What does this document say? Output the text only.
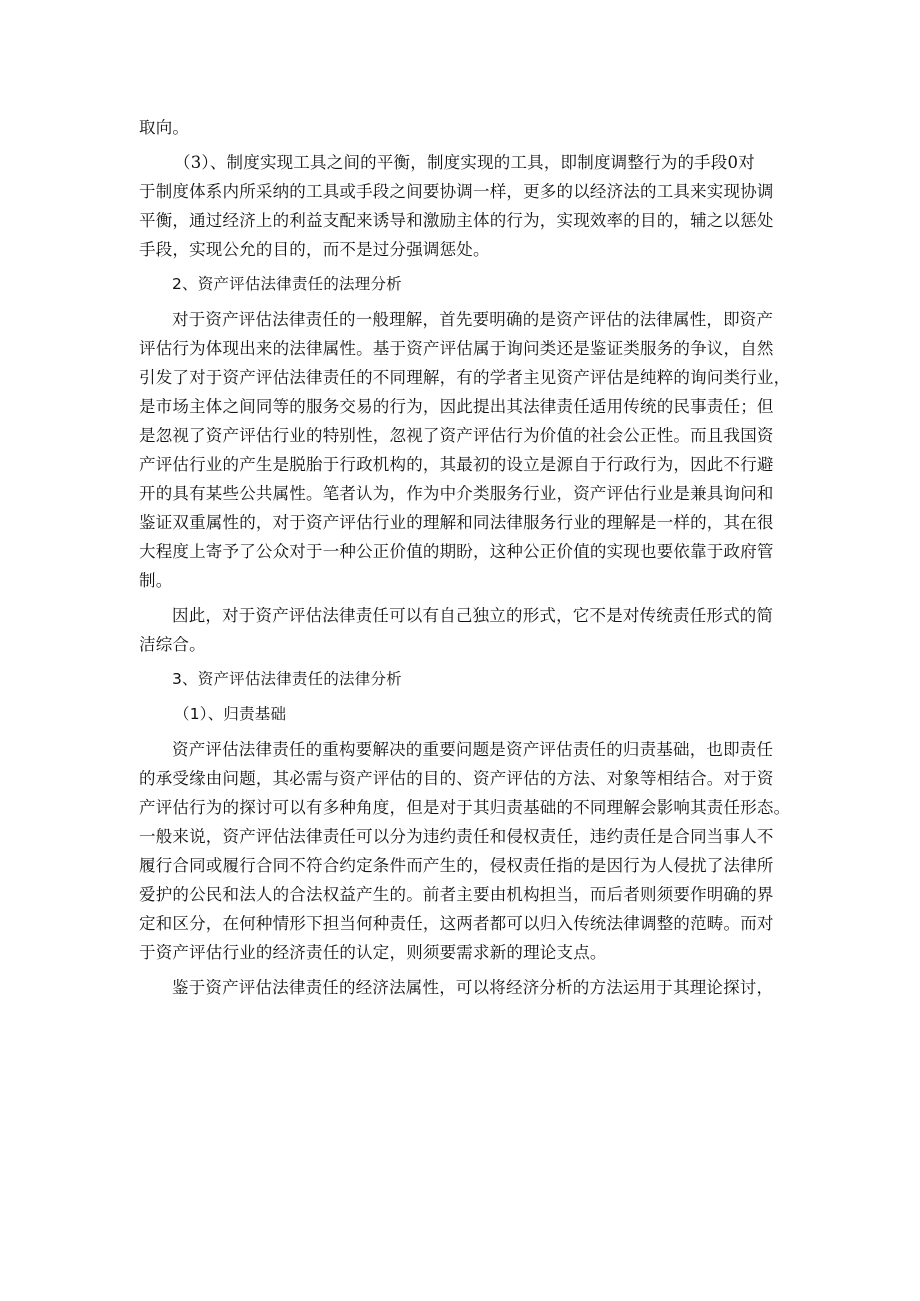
取向。
（3）、制度实现工具之间的平衡，制度实现的工具，即制度调整行为的手段0对
于制度体系内所采纳的工具或手段之间要协调一样，更多的以经济法的工具来实现协调
平衡，通过经济上的利益支配来诱导和激励主体的行为，实现效率的目的，辅之以惩处
手段，实现公允的目的，而不是过分强调惩处。
2、资产评估法律责任的法理分析
对于资产评估法律责任的一般理解，首先要明确的是资产评估的法律属性，即资产
评估行为体现出来的法律属性。基于资产评估属于询问类还是鉴证类服务的争议，自然
引发了对于资产评估法律责任的不同理解，有的学者主见资产评估是纯粹的询问类行业，
是市场主体之间同等的服务交易的行为，因此提出其法律责任适用传统的民事责任；但
是忽视了资产评估行业的特别性，忽视了资产评估行为价值的社会公正性。而且我国资
产评估行业的产生是脱胎于行政机构的，其最初的设立是源自于行政行为，因此不行避
开的具有某些公共属性。笔者认为，作为中介类服务行业，资产评估行业是兼具询问和
鉴证双重属性的，对于资产评估行业的理解和同法律服务行业的理解是一样的，其在很
大程度上寄予了公众对于一种公正价值的期盼，这种公正价值的实现也要依靠于政府管
制。
因此，对于资产评估法律责任可以有自己独立的形式，它不是对传统责任形式的简
洁综合。
3、资产评估法律责任的法律分析
（1）、归责基础
资产评估法律责任的重构要解决的重要问题是资产评估责任的归责基础，也即责任
的承受缘由问题，其必需与资产评估的目的、资产评估的方法、对象等相结合。对于资
产评估行为的探讨可以有多种角度，但是对于其归责基础的不同理解会影响其责任形态。
一般来说，资产评估法律责任可以分为违约责任和侵权责任，违约责任是合同当事人不
履行合同或履行合同不符合约定条件而产生的，侵权责任指的是因行为人侵扰了法律所
爱护的公民和法人的合法权益产生的。前者主要由机构担当，而后者则须要作明确的界
定和区分，在何种情形下担当何种责任，这两者都可以归入传统法律调整的范畴。而对
于资产评估行业的经济责任的认定，则须要需求新的理论支点。
鉴于资产评估法律责任的经济法属性，可以将经济分析的方法运用于其理论探讨，
